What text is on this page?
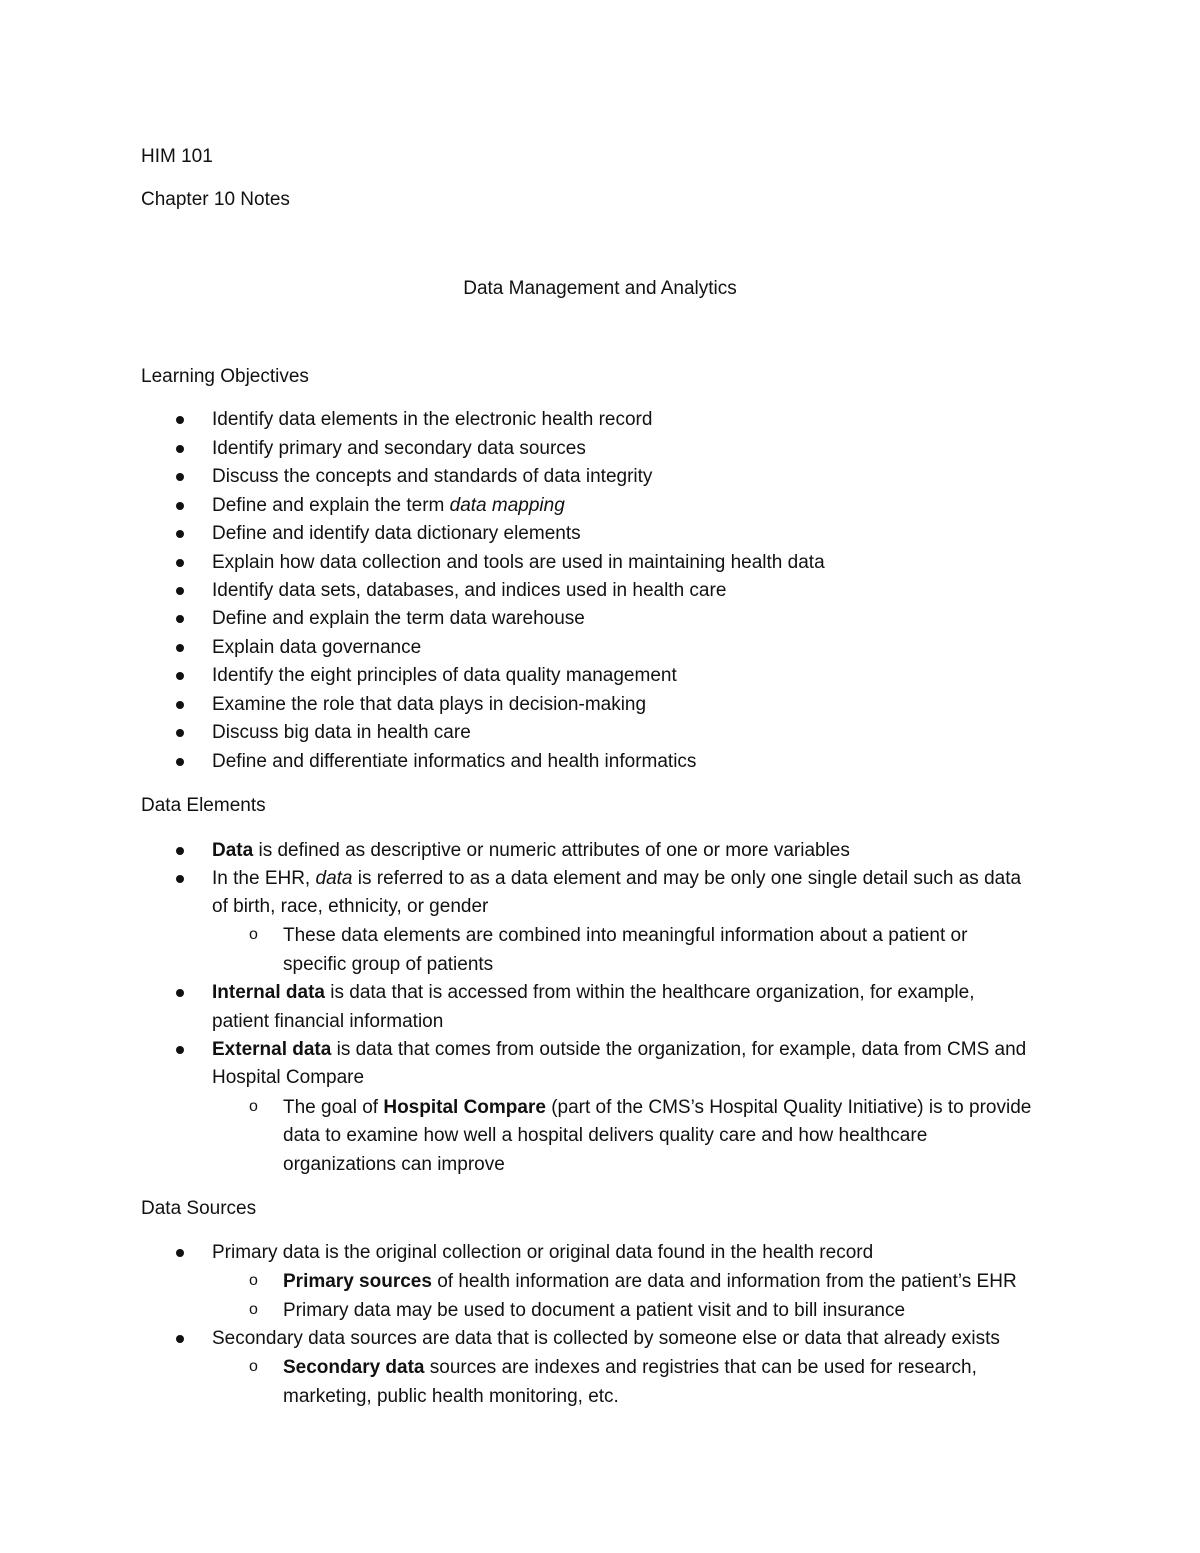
HIM 101
Chapter 10 Notes
Data Management and Analytics
Learning Objectives
Identify data elements in the electronic health record
Identify primary and secondary data sources
Discuss the concepts and standards of data integrity
Define and explain the term data mapping
Define and identify data dictionary elements
Explain how data collection and tools are used in maintaining health data
Identify data sets, databases, and indices used in health care
Define and explain the term data warehouse
Explain data governance
Identify the eight principles of data quality management
Examine the role that data plays in decision-making
Discuss big data in health care
Define and differentiate informatics and health informatics
Data Elements
Data is defined as descriptive or numeric attributes of one or more variables
In the EHR, data is referred to as a data element and may be only one single detail such as data
of birth, race, ethnicity, or gender
o These data elements are combined into meaningful information about a patient or
specific group of patients
Internal data is data that is accessed from within the healthcare organization, for example,
patient financial information
External data is data that comes from outside the organization, for example, data from CMS and
Hospital Compare
o The goal of Hospital Compare (part of the CMS’s Hospital Quality Initiative) is to provide
data to examine how well a hospital delivers quality care and how healthcare
organizations can improve
Data Sources
Primary data is the original collection or original data found in the health record
o Primary sources of health information are data and information from the patient’s EHR
o Primary data may be used to document a patient visit and to bill insurance
Secondary data sources are data that is collected by someone else or data that already exists
o Secondary data sources are indexes and registries that can be used for research,
marketing, public health monitoring, etc.
